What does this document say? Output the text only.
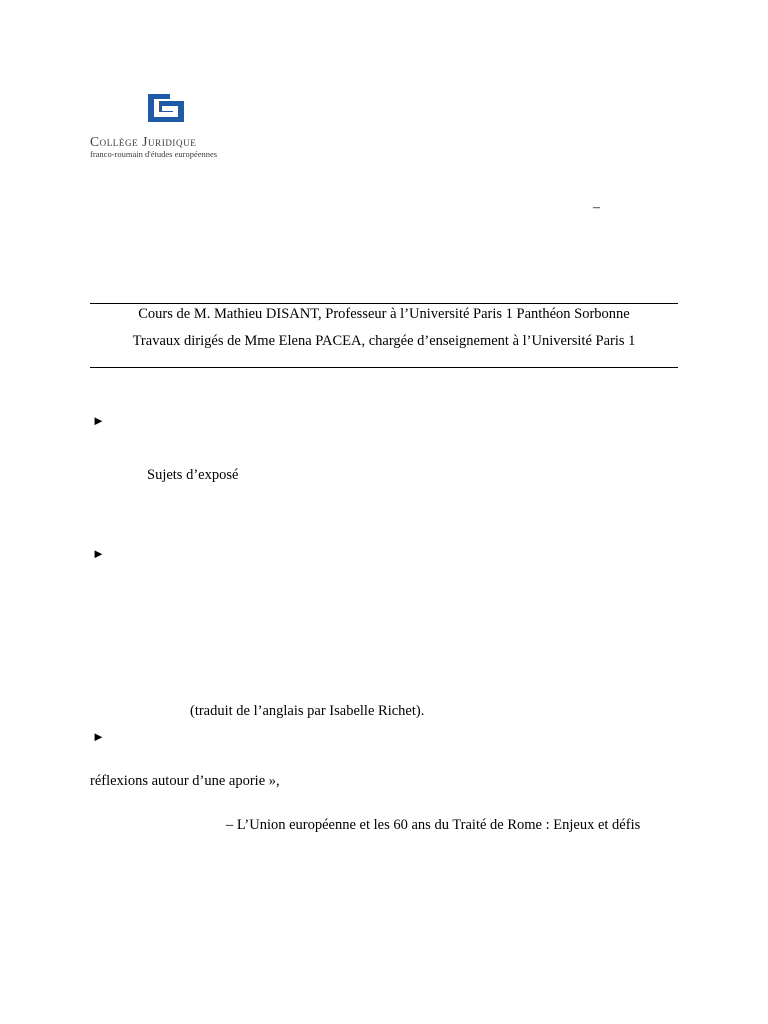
Collège Juridique
franco-roumain d'études européennes
–
Cours de M. Mathieu DISANT, Professeur à l’Université Paris 1 Panthéon Sorbonne
Travaux dirigés de Mme Elena PACEA, chargée d’enseignement à l’Université Paris 1
►
Sujets d’exposé
►
(traduit de l’anglais par Isabelle Richet).
►
réflexions autour d’une aporie »,
– L’Union européenne et les 60 ans du Traité de Rome : Enjeux et défis
